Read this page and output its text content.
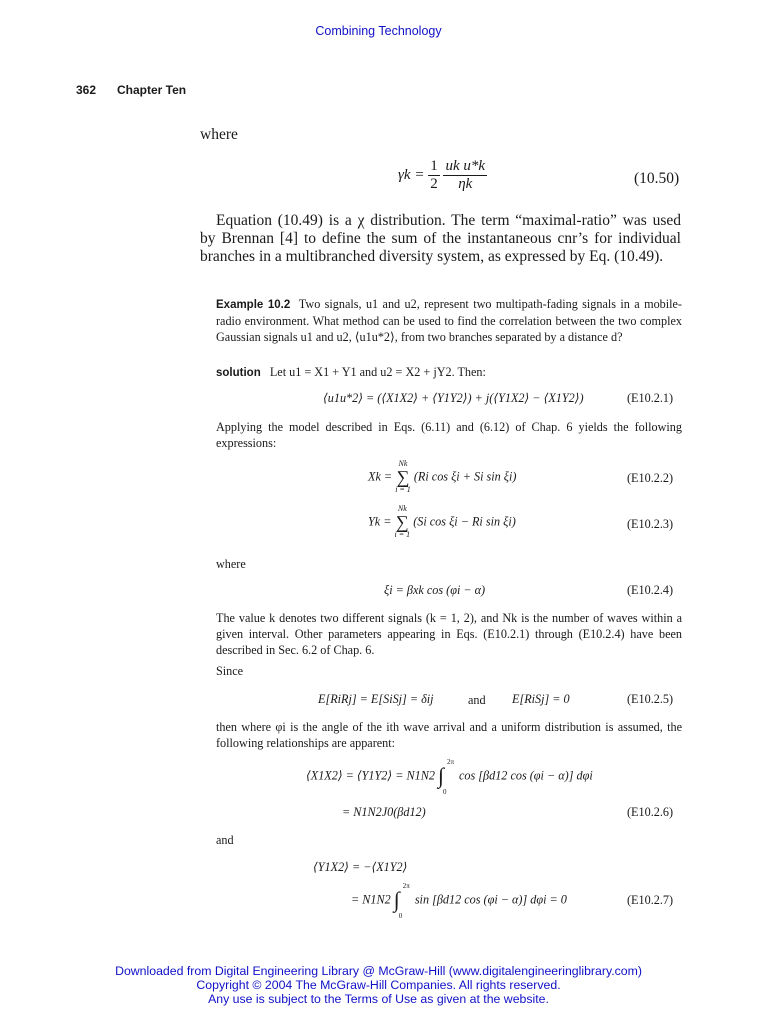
Combining Technology
362 Chapter Ten
where
$\gamma k = \frac{1}{2}$
$\frac{\text{uk u*k}}{\eta k}$	(10.50)
Equation (10.49) is a χ distribution. The term “maximal-ratio” was used by Brennan [4] to define the sum of the instantaneous cnr’s for individual branches in a multibranched diversity system, as expressed by Eq. (10.49).
Example 10.2 Two signals, u1 and u2, represent two multipath-fading signals in a mobile-radio environment. What method can be used to find the correlation between the two complex Gaussian signals u1 and u2, ⟨u1u*2⟩, from two branches separated by a distance d?
solution Let u1 = X1 + Y1 and u2 = X2 + jY2. Then:
⟨u1u*2⟩ = (⟨X1X2⟩ + ⟨Y1Y2⟩) + j(⟨Y1X2⟩ − ⟨X1Y2⟩)	(E10.2.1)
Applying the model described in Eqs. (6.11) and (6.12) of Chap. 6 yields the following expressions:
Xk =
Nk
∑
i = 1
(Ri cos ξi + Si sin ξi)	(E10.2.2)
Yk =
Nk
∑
i = 1
(Si cos ξi − Ri sin ξi)	(E10.2.3)
where
ξi = βxk cos (φi − α)	(E10.2.4)
The value k denotes two different signals (k = 1, 2), and Nk is the number of waves within a given interval. Other parameters appearing in Eqs. (E10.2.1) through (E10.2.4) have been described in Sec. 6.2 of Chap. 6.
Since
E[RiRj] = E[SiSj] = δij	and E[RiSj] = 0	(E10.2.5)
then where φi is the angle of the ith wave arrival and a uniform distribution is assumed, the following relationships are apparent:
⟨X1X2⟩ = ⟨Y1Y2⟩ = N1N2 ∫
2π
0
cos [βd12 cos (φi − α)] dφi
= N1N2J0(βd12)	(E10.2.6)
and
⟨Y1X2⟩ = −⟨X1Y2⟩
= N1N2 ∫
2π
0
sin [βd12 cos (φi − α)] dφi = 0	(E10.2.7)
Downloaded from Digital Engineering Library @ McGraw-Hill (www.digitalengineeringlibrary.com)
Copyright © 2004 The McGraw-Hill Companies. All rights reserved.
Any use is subject to the Terms of Use as given at the website.
